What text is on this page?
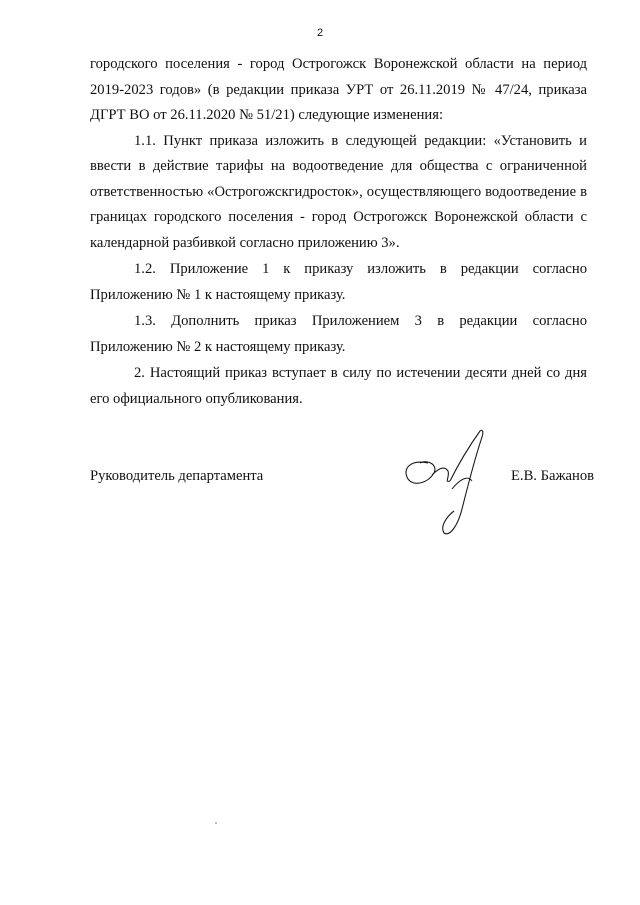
2

городского поселения - город Острогожск Воронежской области на период 2019-2023 годов» (в редакции приказа УРТ от 26.11.2019 № 47/24, приказа ДГРТ ВО от 26.11.2020 № 51/21) следующие изменения:

1.1. Пункт приказа изложить в следующей редакции: «Установить и ввести в действие тарифы на водоотведение для общества с ограниченной ответственностью «Острогожскгидросток», осуществляющего водоотведение в границах городского поселения - город Острогожск Воронежской области с календарной разбивкой согласно приложению 3».

1.2. Приложение 1 к приказу изложить в редакции согласно Приложению № 1 к настоящему приказу.

1.3. Дополнить приказ Приложением 3 в редакции согласно Приложению № 2 к настоящему приказу.

2. Настоящий приказ вступает в силу по истечении десяти дней со дня его официального опубликования.

Руководитель департамента	Е.В. Бажанов
